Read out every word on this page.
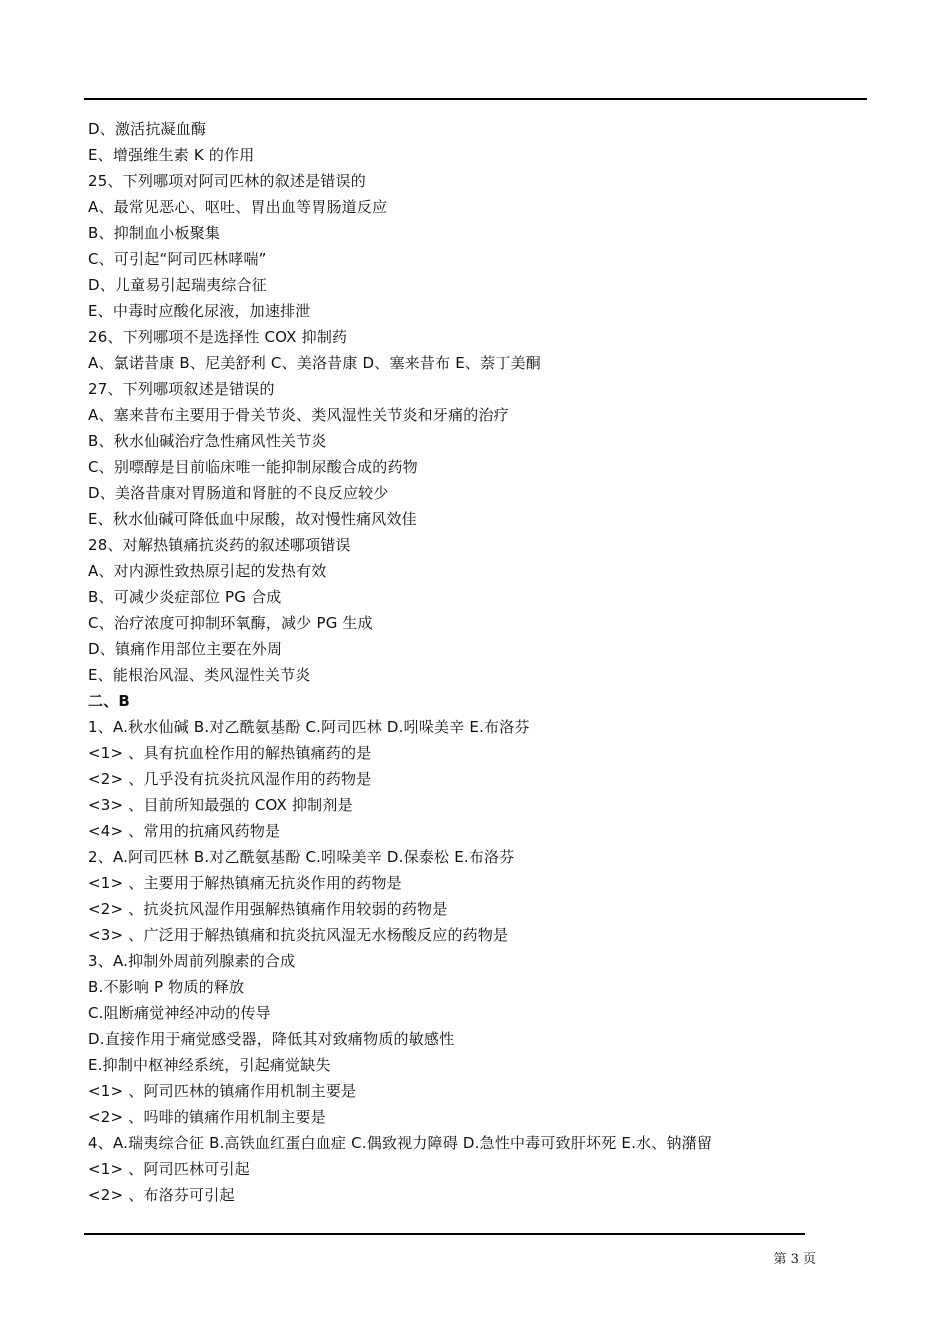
D、激活抗凝血酶
E、增强维生素 K 的作用
25、下列哪项对阿司匹林的叙述是错误的
A、最常见恶心、呕吐、胃出血等胃肠道反应
B、抑制血小板聚集
C、可引起“阿司匹林哮喘”
D、儿童易引起瑞夷综合征
E、中毒时应酸化尿液，加速排泄
26、下列哪项不是选择性 COX 抑制药
A、氯诺昔康 B、尼美舒利 C、美洛昔康 D、塞来昔布 E、萘丁美酮
27、下列哪项叙述是错误的
A、塞来昔布主要用于骨关节炎、类风湿性关节炎和牙痛的治疗
B、秋水仙碱治疗急性痛风性关节炎
C、别嘌醇是目前临床唯一能抑制尿酸合成的药物
D、美洛昔康对胃肠道和肾脏的不良反应较少
E、秋水仙碱可降低血中尿酸，故对慢性痛风效佳
28、对解热镇痛抗炎药的叙述哪项错误
A、对内源性致热原引起的发热有效
B、可减少炎症部位 PG 合成
C、治疗浓度可抑制环氧酶，减少 PG 生成
D、镇痛作用部位主要在外周
E、能根治风湿、类风湿性关节炎
二、B
1、A.秋水仙碱 B.对乙酰氨基酚 C.阿司匹林 D.吲哚美辛 E.布洛芬
<1> 、具有抗血栓作用的解热镇痛药的是
<2> 、几乎没有抗炎抗风湿作用的药物是
<3> 、目前所知最强的 COX 抑制剂是
<4> 、常用的抗痛风药物是
2、A.阿司匹林 B.对乙酰氨基酚 C.吲哚美辛 D.保泰松 E.布洛芬
<1> 、主要用于解热镇痛无抗炎作用的药物是
<2> 、抗炎抗风湿作用强解热镇痛作用较弱的药物是
<3> 、广泛用于解热镇痛和抗炎抗风湿无水杨酸反应的药物是
3、A.抑制外周前列腺素的合成
B.不影响 P 物质的释放
C.阻断痛觉神经冲动的传导
D.直接作用于痛觉感受器，降低其对致痛物质的敏感性
E.抑制中枢神经系统，引起痛觉缺失
<1> 、阿司匹林的镇痛作用机制主要是
<2> 、吗啡的镇痛作用机制主要是
4、A.瑞夷综合征 B.高铁血红蛋白血症 C.偶致视力障碍 D.急性中毒可致肝坏死 E.水、钠潴留
<1> 、阿司匹林可引起
<2> 、布洛芬可引起
第 3 页
